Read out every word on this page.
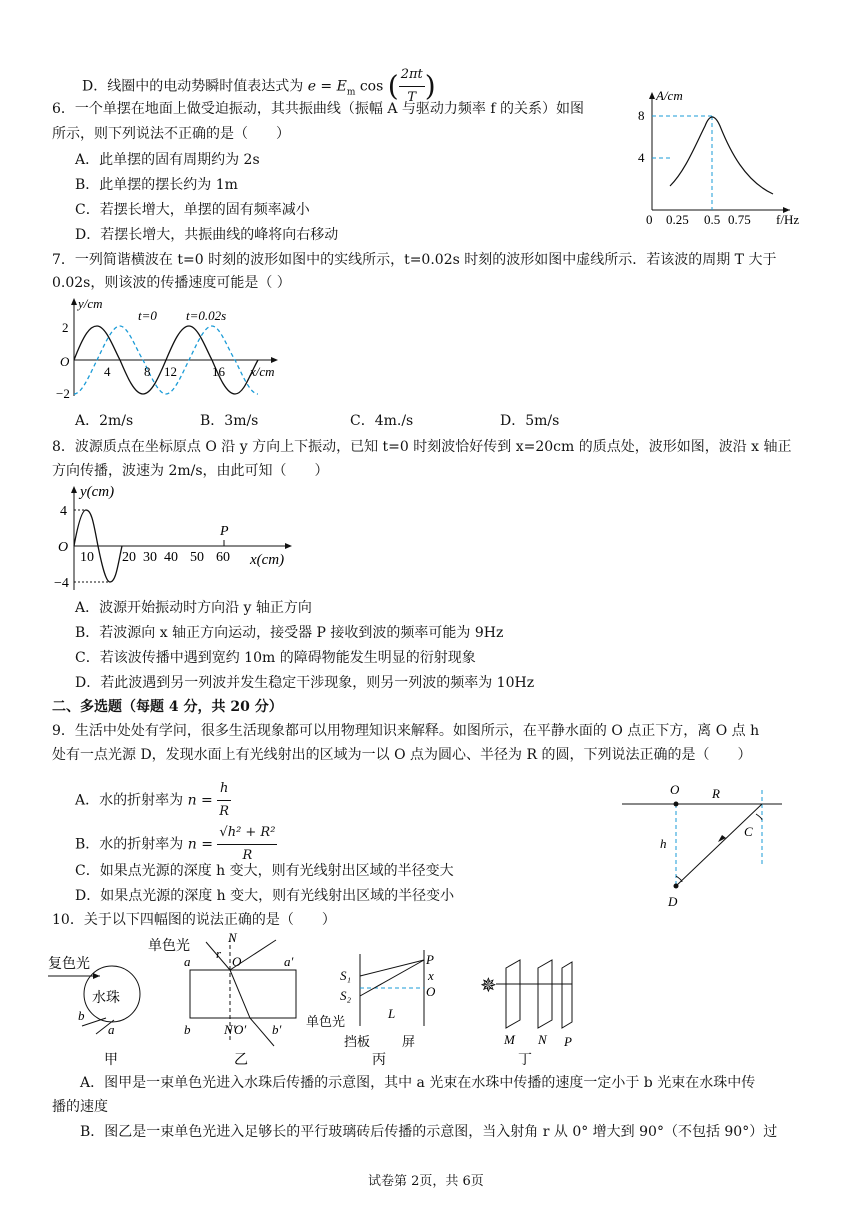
D．线圈中的电动势瞬时值表达式为 $e = E_m$ cos ( $\frac{2\pi t}{T}$ )
6．一个单摆在地面上做受迫振动，其共振曲线（振幅 A 与驱动力频率 f 的关系）如图
所示，则下列说法不正确的是（　　）
A．此单摆的固有周期约为 2s
B．此单摆的摆长约为 1m
C．若摆长增大，单摆的固有频率减小
D．若摆长增大，共振曲线的峰将向右移动
A/cm
8
4
0 0.25 0.5 0.75 f/Hz
7．一列简谐横波在 t=0 时刻的波形如图中的实线所示，t=0.02s 时刻的波形如图中虚线所示．若该波的周期 T 大于
0.02s，则该波的传播速度可能是（ ）
y/cm
2
−2
O
4	8 12	16 x/cm
t=0 t=0.02s
A．2m/s	B．3m/s	C．4m./s	D．5m/s
8．波源质点在坐标原点 O 沿 y 方向上下振动，已知 t=0 时刻波恰好传到 x=20cm 的质点处，波形如图，波沿 x 轴正
方向传播，波速为 2m/s，由此可知（　　）
y(cm)
4
−4
O
10 20 30 40 50 60 x(cm)
P
A．波源开始振动时方向沿 y 轴正方向
B．若波源向 x 轴正方向运动，接受器 P 接收到波的频率可能为 9Hz
C．若该波传播中遇到宽约 10m 的障碍物能发生明显的衍射现象
D．若此波遇到另一列波并发生稳定干涉现象，则另一列波的频率为 10Hz
二、多选题（每题 4 分，共 20 分）
9．生活中处处有学问，很多生活现象都可以用物理知识来解释。如图所示，在平静水面的 O 点正下方，离 O 点 h
处有一点光源 D，发现水面上有光线射出的区域为一以 O 点为圆心、半径为 R 的圆，下列说法正确的是（　　）
A．水的折射率为 $n = \frac{h}{R}$
B．水的折射率为 $n = \frac{\text{√h² + R²}}{R}$
C．如果点光源的深度 h 变大，则有光线射出区域的半径变大
D．如果点光源的深度 h 变大，则有光线射出区域的半径变小
O	R
h
C
D
10．关于以下四幅图的说法正确的是（　　）
复色光
水珠
b
a
甲
单色光
N
r
O
a	a′
N′
b	O′ b′
乙
S₁
S₂
P
x
O
L
单色光
挡板 屏
丙
✵
M N P
丁
A．图甲是一束单色光进入水珠后传播的示意图，其中 a 光束在水珠中传播的速度一定小于 b 光束在水珠中传
播的速度
B．图乙是一束单色光进入足够长的平行玻璃砖后传播的示意图，当入射角 r 从 0° 增大到 90°（不包括 90°）过
试卷第 2页，共 6页
